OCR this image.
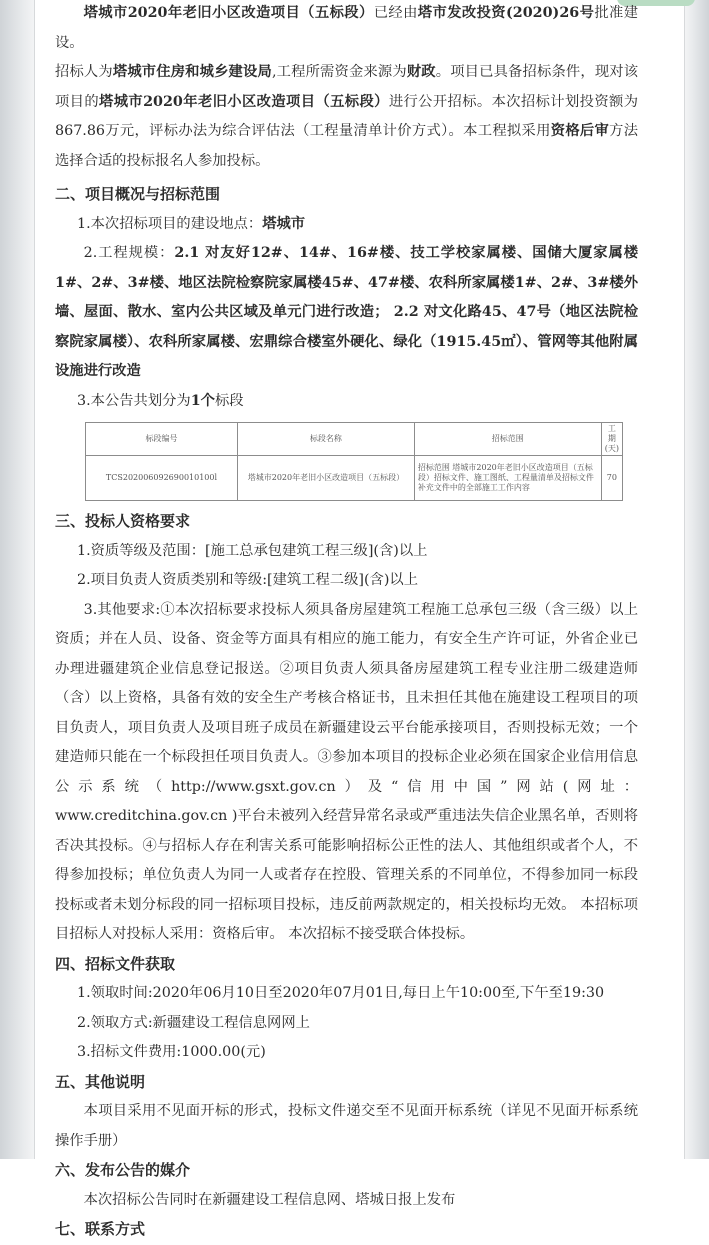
塔城市2020年老旧小区改造项目（五标段）已经由塔市发改投资(2020)26号批准建设。

招标人为塔城市住房和城乡建设局,工程所需资金来源为财政。项目已具备招标条件，现对该项目的塔城市2020年老旧小区改造项目（五标段）进行公开招标。本次招标计划投资额为867.86万元，评标办法为综合评估法（工程量清单计价方式）。本工程拟采用资格后审方法选择合适的投标报名人参加投标。

二、项目概况与招标范围

1.本次招标项目的建设地点：塔城市

2.工程规模：2.1 对友好12#、14#、16#楼、技工学校家属楼、国储大厦家属楼1#、2#、3#楼、地区法院检察院家属楼45#、47#楼、农科所家属楼1#、2#、3#楼外墙、屋面、散水、室内公共区域及单元门进行改造； 2.2 对文化路45、47号（地区法院检察院家属楼）、农科所家属楼、宏鼎综合楼室外硬化、绿化（1915.45㎡）、管网等其他附属设施进行改造

3.本公告共划分为1个标段

标段编号	标段名称	招标范围	工期(天)
TCS202006092690010100l	塔城市2020年老旧小区改造项目（五标段）	招标范围 塔城市2020年老旧小区改造项目（五标段）招标文件、施工图纸、工程量清单及招标文件补充文件中的全部施工工作内容	70

三、投标人资格要求

1.资质等级及范围：[施工总承包建筑工程三级](含)以上

2.项目负责人资质类别和等级:[建筑工程二级](含)以上

3.其他要求:①本次招标要求投标人须具备房屋建筑工程施工总承包三级（含三级）以上资质；并在人员、设备、资金等方面具有相应的施工能力，有安全生产许可证，外省企业已办理进疆建筑企业信息登记报送。②项目负责人须具备房屋建筑工程专业注册二级建造师（含）以上资格，具备有效的安全生产考核合格证书，且未担任其他在施建设工程项目的项目负责人，项目负责人及项目班子成员在新疆建设云平台能承接项目，否则投标无效；一个建造师只能在一个标段担任项目负责人。③参加本项目的投标企业必须在国家企业信用信息公示系统（http://www.gsxt.gov.cn）及“信用中国”网站(网址：www.creditchina.gov.cn )平台未被列入经营异常名录或严重违法失信企业黑名单，否则将否决其投标。④与招标人存在利害关系可能影响招标公正性的法人、其他组织或者个人，不得参加投标；单位负责人为同一人或者存在控股、管理关系的不同单位，不得参加同一标段投标或者未划分标段的同一招标项目投标，违反前两款规定的，相关投标均无效。 本招标项目招标人对投标人采用：资格后审。 本次招标不接受联合体投标。

四、招标文件获取

1.领取时间:2020年06月10日至2020年07月01日,每日上午10:00至,下午至19:30

2.领取方式:新疆建设工程信息网网上

3.招标文件费用:1000.00(元)

五、其他说明

本项目采用不见面开标的形式，投标文件递交至不见面开标系统（详见不见面开标系统操作手册）

六、发布公告的媒介

本次招标公告同时在新疆建设工程信息网、塔城日报上发布

七、联系方式
